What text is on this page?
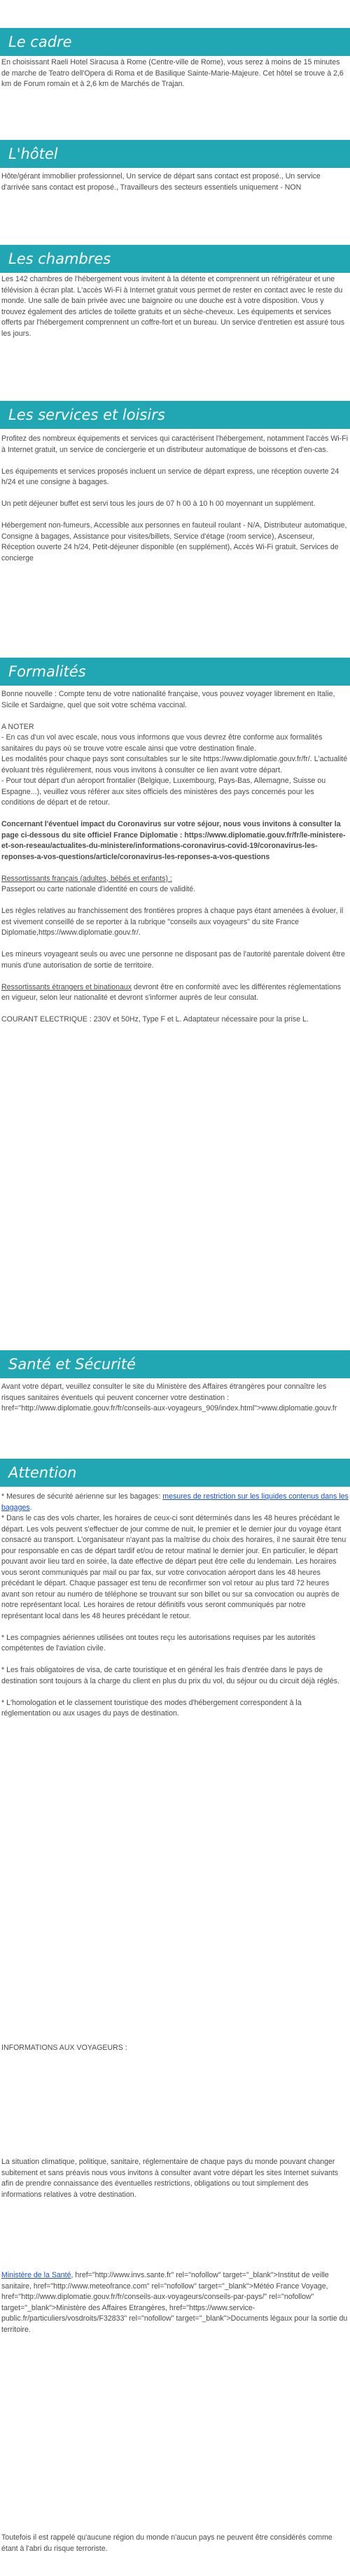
Le cadre

En choisissant Raeli Hotel Siracusa à Rome (Centre-ville de Rome), vous serez à moins de 15 minutes de marche de Teatro dell'Opera di Roma et de Basilique Sainte-Marie-Majeure. Cet hôtel se trouve à 2,6 km de Forum romain et à 2,6 km de Marchés de Trajan.

L'hôtel

Hôte/gérant immobilier professionnel, Un service de départ sans contact est proposé., Un service d'arrivée sans contact est proposé., Travailleurs des secteurs essentiels uniquement - NON

Les chambres

Les 142 chambres de l'hébergement vous invitent à la détente et comprennent un réfrigérateur et une télévision à écran plat. L'accès Wi-Fi à Internet gratuit vous permet de rester en contact avec le reste du monde. Une salle de bain privée avec une baignoire ou une douche est à votre disposition. Vous y trouvez également des articles de toilette gratuits et un sèche-cheveux. Les équipements et services offerts par l'hébergement comprennent un coffre-fort et un bureau. Un service d'entretien est assuré tous les jours.

Les services et loisirs

Profitez des nombreux équipements et services qui caractérisent l'hébergement, notamment l'accès Wi-Fi à Internet gratuit, un service de conciergerie et un distributeur automatique de boissons et d'en-cas.

Les équipements et services proposés incluent un service de départ express, une réception ouverte 24 h/24 et une consigne à bagages.

Un petit déjeuner buffet est servi tous les jours de 07 h 00 à 10 h 00 moyennant un supplément.

Hébergement non-fumeurs, Accessible aux personnes en fauteuil roulant - N/A, Distributeur automatique, Consigne à bagages, Assistance pour visites/billets, Service d'étage (room service), Ascenseur, Réception ouverte 24 h/24, Petit-déjeuner disponible (en supplément), Accès Wi-Fi gratuit, Services de concierge

Formalités

Bonne nouvelle : Compte tenu de votre nationalité française, vous pouvez voyager librement en Italie, Sicile et Sardaigne, quel que soit votre schéma vaccinal.

A NOTER

- En cas d'un vol avec escale, nous vous informons que vous devrez être conforme aux formalités sanitaires du pays où se trouve votre escale ainsi que votre destination finale.

Les modalités pour chaque pays sont consultables sur le site https://www.diplomatie.gouv.fr/fr/. L'actualité évoluant très régulièrement, nous vous invitons à consulter ce lien avant votre départ.

- Pour tout départ d'un aéroport frontalier (Belgique, Luxembourg, Pays-Bas, Allemagne, Suisse ou Espagne...), veuillez vous référer aux sites officiels des ministères des pays concernés pour les conditions de départ et de retour.

Concernant l'éventuel impact du Coronavirus sur votre séjour, nous vous invitons à consulter la page ci-dessous du site officiel France Diplomatie : https://www.diplomatie.gouv.fr/fr/le-ministere-et-son-reseau/actualites-du-ministere/informations-coronavirus-covid-19/coronavirus-les-reponses-a-vos-questions/article/coronavirus-les-reponses-a-vos-questions

Ressortissants français (adultes, bébés et enfants) :

Passeport ou carte nationale d'identité en cours de validité.

Les règles relatives au franchissement des frontières propres à chaque pays étant amenées à évoluer, il est vivement conseillé de se reporter à la rubrique "conseils aux voyageurs" du site France Diplomatie,https://www.diplomatie.gouv.fr/.

Les mineurs voyageant seuls ou avec une personne ne disposant pas de l'autorité parentale doivent être munis d'une autorisation de sortie de territoire.

Ressortissants étrangers et binationaux devront être en conformité avec les différentes réglementations en vigueur, selon leur nationalité et devront s'informer auprès de leur consulat.

COURANT ELECTRIQUE : 230V et 50Hz, Type F et L. Adaptateur nécessaire pour la prise L.

Santé et Sécurité

Avant votre départ, veuillez consulter le site du Ministère des Affaires étrangères pour connaître les risques sanitaires éventuels qui peuvent concerner votre destination : href="http://www.diplomatie.gouv.fr/fr/conseils-aux-voyageurs_909/index.html">www.diplomatie.gouv.fr

Attention

* Mesures de sécurité aérienne sur les bagages: mesures de restriction sur les liquides contenus dans les bagages.

* Dans le cas des vols charter, les horaires de ceux-ci sont déterminés dans les 48 heures précédant le départ. Les vols peuvent s'effectuer de jour comme de nuit, le premier et le dernier jour du voyage étant consacré au transport. L'organisateur n'ayant pas la maîtrise du choix des horaires, il ne saurait être tenu pour responsable en cas de départ tardif et/ou de retour matinal le dernier jour. En particulier, le départ pouvant avoir lieu tard en soirée, la date effective de départ peut être celle du lendemain. Les horaires vous seront communiqués par mail ou par fax, sur votre convocation aéroport dans les 48 heures précédant le départ. Chaque passager est tenu de reconfirmer son vol retour au plus tard 72 heures avant son retour au numéro de téléphone se trouvant sur son billet ou sur sa convocation ou auprès de notre représentant local. Les horaires de retour définitifs vous seront communiqués par notre représentant local dans les 48 heures précédant le retour.

* Les compagnies aériennes utilisées ont toutes reçu les autorisations requises par les autorités compétentes de l'aviation civile.

* Les frais obligatoires de visa, de carte touristique et en général les frais d'entrée dans le pays de destination sont toujours à la charge du client en plus du prix du vol, du séjour ou du circuit déjà réglés.

* L'homologation et le classement touristique des modes d'hébergement correspondent à la réglementation ou aux usages du pays de destination.

INFORMATIONS AUX VOYAGEURS :

La situation climatique, politique, sanitaire, réglementaire de chaque pays du monde pouvant changer subitement et sans préavis nous vous invitons à consulter avant votre départ les sites Internet suivants afin de prendre connaissance des éventuelles restrictions, obligations ou tout simplement des informations relatives à votre destination.

Ministère de la Santé, href="http://www.invs.sante.fr" rel="nofollow" target="_blank">Institut de veille sanitaire, href="http://www.meteofrance.com" rel="nofollow" target="_blank">Météo France Voyage, href="http://www.diplomatie.gouv.fr/fr/conseils-aux-voyageurs/conseils-par-pays/" rel="nofollow" target="_blank">Ministère des Affaires Etrangères, href="https://www.service-public.fr/particuliers/vosdroits/F32833" rel="nofollow" target="_blank">Documents légaux pour la sortie du territoire.

Toutefois il est rappelé qu'aucune région du monde n'aucun pays ne peuvent être considérés comme étant à l'abri du risque terroriste.
